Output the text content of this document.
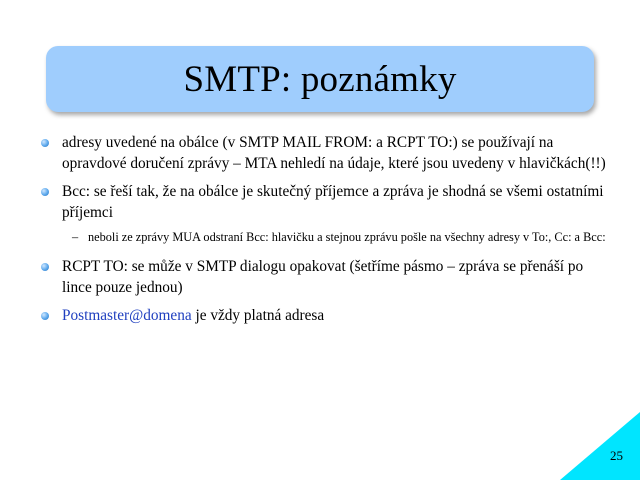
SMTP: poznámky
adresy uvedené na obálce (v SMTP MAIL FROM: a RCPT TO:) se používají na opravdové doručení zprávy – MTA nehledí na údaje, které jsou uvedeny v hlavičkách(!!)
Bcc: se řeší tak, že na obálce je skutečný příjemce a zpráva je shodná se všemi ostatními příjemci
– neboli ze zprávy MUA odstraní Bcc: hlavičku a stejnou zprávu pošle na všechny adresy v To:, Cc: a Bcc:
RCPT TO: se může v SMTP dialogu opakovat (šetříme pásmo – zpráva se přenáší po lince pouze jednou)
Postmaster@domena je vždy platná adresa
25
